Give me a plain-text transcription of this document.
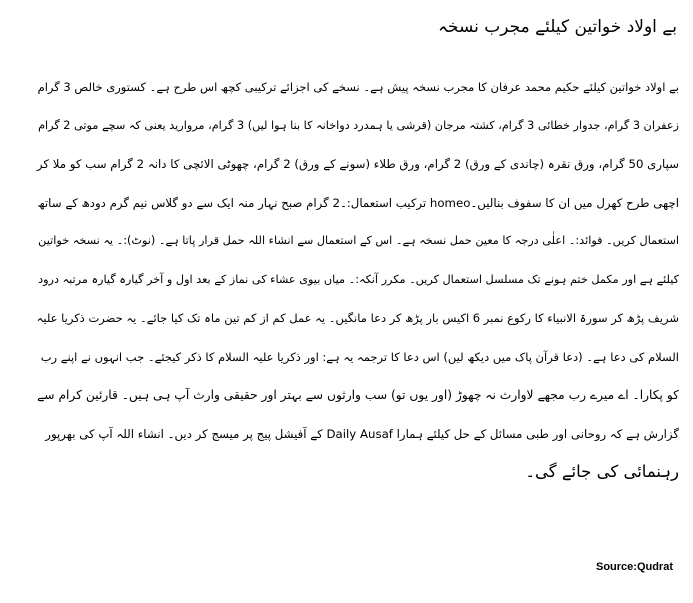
بے اولاد خواتین کیلئے مجرب نسخہ
بے اولاد خواتین کیلئے حکیم محمد عرفان کا مجرب نسخہ پیش ہے۔ نسخے کی اجزائے ترکیبی کچھ اس طرح ہے۔ کستوری خالص 3 گرام
زعفران 3 گرام، جدوار خطائی 3 گرام، کشتہ مرجان (قرشی یا ہمدرد دواخانہ کا بنا ہوا لیں) 3 گرام، مروارید یعنی کہ سچے موتی 2 گرام
سپاری 50 گرام، ورق نقرہ (چاندی کے ورق) 2 گرام، ورق طلاء (سونے کے ورق) 2 گرام، چھوٹی الائچی کا دانہ 2 گرام سب کو ملا کر
اچھی طرح کھرل میں ان کا سفوف بنالیں۔homeo ترکیب استعمال:۔2 گرام صبح نہار منہ ایک سے دو گلاس نیم گرم دودھ کے ساتھ
استعمال کریں۔ فوائد:۔ اعلٰی درجہ کا معین حمل نسخہ ہے۔ اس کے استعمال سے انشاء اللہ حمل قرار پاتا ہے۔ (نوٹ):۔ یہ نسخہ خواتین
کیلئے ہے اور مکمل ختم ہونے تک مسلسل استعمال کریں۔ مکرر آنکہ:۔ میاں بیوی عشاء کی نماز کے بعد اول و آخر گیارہ گیارہ مرتبہ درود
شریف پڑھ کر سورۃ الانبیاء کا رکوع نمبر 6 اکیس بار پڑھ کر دعا مانگیں۔ یہ عمل کم از کم تین ماہ تک کیا جائے۔ یہ حضرت ذکریا علیہ
السلام کی دعا ہے۔ (دعا قرآن پاک میں دیکھ لیں) اس دعا کا ترجمہ یہ ہے: اور ذکریا علیہ السلام کا ذکر کیجئے۔ جب انہوں نے اپنے رب
کو پکارا۔ اے میرے رب مجھے لاوارث نہ چھوڑ (اور یوں تو) سب وارثوں سے بہتر اور حقیقی وارث آپ ہی ہیں۔ قارئین کرام سے
گزارش ہے کہ روحانی اور طبی مسائل کے حل کیلئے ہمارا Daily Ausaf کے آفیشل پیج پر میسج کر دیں۔ انشاء اللہ آپ کی بھرپور
رہنمائی کی جائے گی۔
Source:Qudrat
